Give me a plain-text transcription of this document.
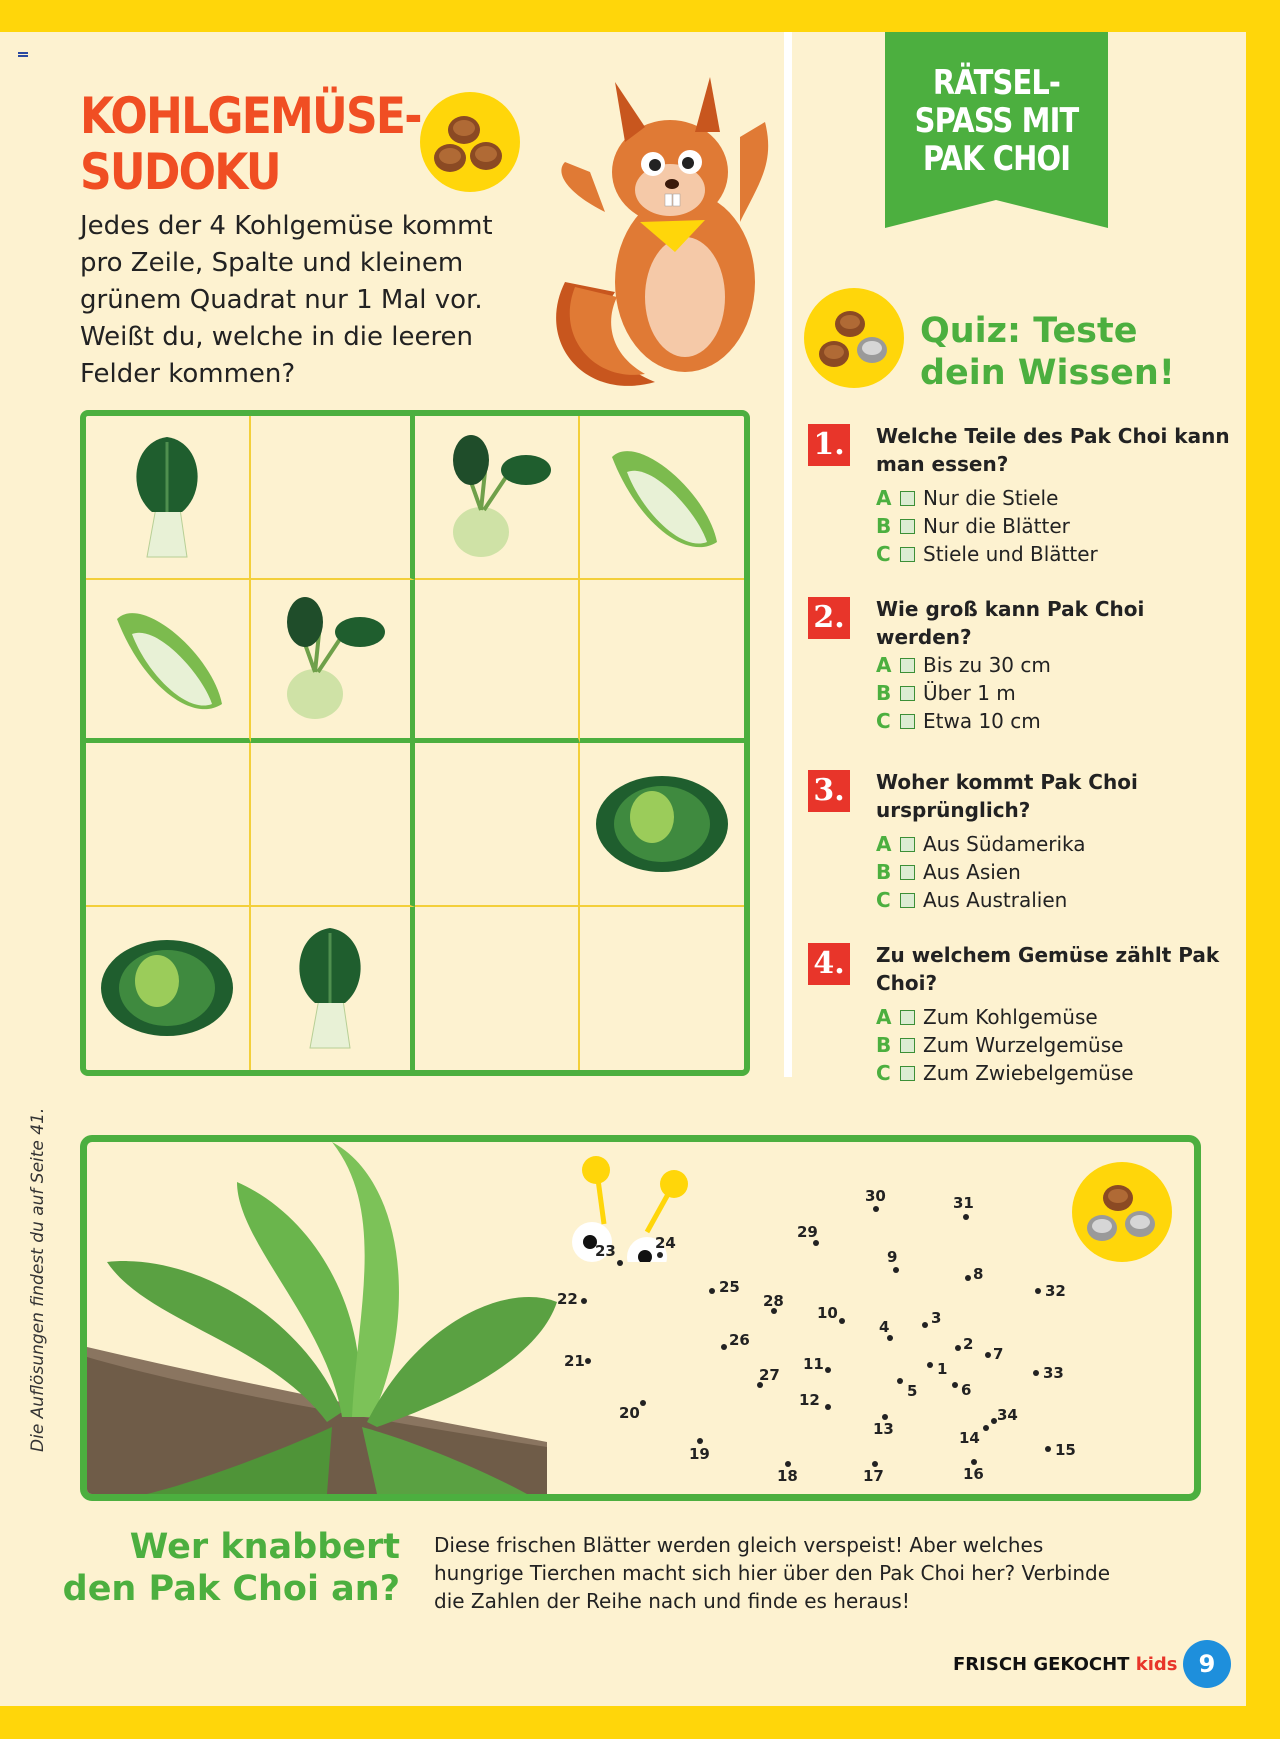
KOHLGEMÜSE-
SUDOKU
Jedes der 4 Kohlgemüse kommt pro Zeile, Spalte und kleinem grünem Quadrat nur 1 Mal vor. Weißt du, welche in die leeren Felder kommen?
RÄTSEL-
SPASS MIT
PAK CHOI
Quiz: Teste
dein Wissen!
1. Welche Teile des Pak Choi kann man essen?
A	Nur die Stiele
B	Nur die Blätter
C	Stiele und Blätter
2. Wie groß kann Pak Choi werden?
A	Bis zu 30 cm
B	Über 1 m
C	Etwa 10 cm
3. Woher kommt Pak Choi ursprünglich?
A	Aus Südamerika
B	Aus Asien
C	Aus Australien
4. Zu welchem Gemüse zählt Pak Choi?
A	Zum Kohlgemüse
B	Zum Wurzelgemüse
C	Zum Zwiebelgemüse
1
2
3
4
5	6
7
8
9
10
11
12
13	14
15
16
17
18
19
20
21
22
23	24
25
26
27
28
29
30	31
32
33
34
Die Auflösungen findest du auf Seite 41.
Wer knabbert
den Pak Choi an?
Diese frischen Blätter werden gleich verspeist! Aber welches hungrige Tierchen macht sich hier über den Pak Choi her? Verbinde die Zahlen der Reihe nach und finde es heraus!
FRISCH GEKOCHT kids 9
